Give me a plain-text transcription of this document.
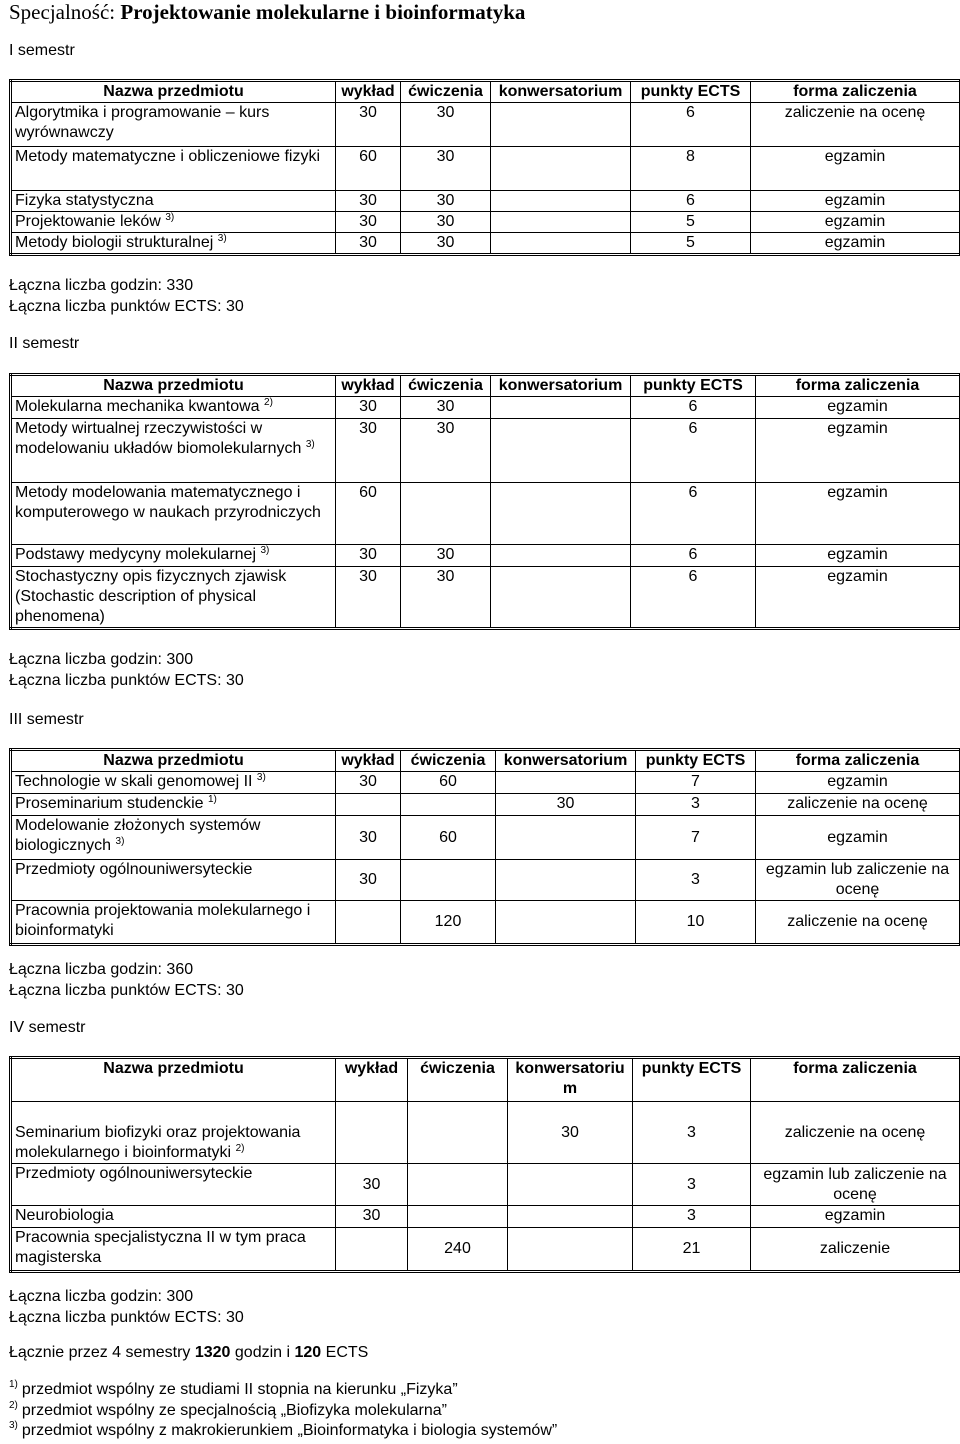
Specjalność: Projektowanie molekularne i bioinformatyka
I semestr
Nazwa przedmiotu	wykład	ćwiczenia	konwersatorium	punkty ECTS	forma zaliczenia
Algorytmika i programowanie – kurs wyrównawczy	30	30		6	zaliczenie na ocenę
Metody matematyczne i obliczeniowe fizyki	60	30		8	egzamin
Fizyka statystyczna	30	30		6	egzamin
Projektowanie leków $^{3)}$	30	30		5	egzamin
Metody biologii strukturalnej $^{3)}$	30	30		5	egzamin
Łączna liczba godzin: 330
Łączna liczba punktów ECTS: 30
II semestr
Nazwa przedmiotu	wykład	ćwiczenia	konwersatorium	punkty ECTS	forma zaliczenia
Molekularna mechanika kwantowa $^{2)}$	30	30		6	egzamin
Metody wirtualnej rzeczywistości w modelowaniu układów biomolekularnych $^{3)}$	30	30		6	egzamin
Metody modelowania matematycznego i komputerowego w naukach przyrodniczych	60			6	egzamin
Podstawy medycyny molekularnej $^{3)}$	30	30		6	egzamin
Stochastyczny opis fizycznych zjawisk (Stochastic description of physical phenomena)	30	30		6	egzamin
Łączna liczba godzin: 300
Łączna liczba punktów ECTS: 30
III semestr
Nazwa przedmiotu	wykład	ćwiczenia	konwersatorium	punkty ECTS	forma zaliczenia
Technologie w skali genomowej II $^{3)}$	30	60		7	egzamin
Proseminarium studenckie $^{1)}$			30	3	zaliczenie na ocenę
Modelowanie złożonych systemów biologicznych $^{3)}$	30	60		7	egzamin
Przedmioty ogólnouniwersyteckie	30			3	egzamin lub zaliczenie na ocenę
Pracownia projektowania molekularnego i bioinformatyki		120		10	zaliczenie na ocenę
Łączna liczba godzin: 360
Łączna liczba punktów ECTS: 30
IV semestr
Nazwa przedmiotu	wykład	ćwiczenia	konwersatoriu m	punkty ECTS	forma zaliczenia
Seminarium biofizyki oraz projektowania molekularnego i bioinformatyki $^{2)}$			30	3	zaliczenie na ocenę
Przedmioty ogólnouniwersyteckie	30			3	egzamin lub zaliczenie na ocenę
Neurobiologia	30			3	egzamin
Pracownia specjalistyczna II w tym praca magisterska		240		21	zaliczenie
Łączna liczba godzin: 300
Łączna liczba punktów ECTS: 30
Łącznie przez 4 semestry 1320 godzin i 120 ECTS
$^{1)}$ przedmiot wspólny ze studiami II stopnia na kierunku „Fizyka”
$^{2)}$ przedmiot wspólny ze specjalnością „Biofizyka molekularna”
$^{3)}$ przedmiot wspólny z makrokierunkiem „Bioinformatyka i biologia systemów”
